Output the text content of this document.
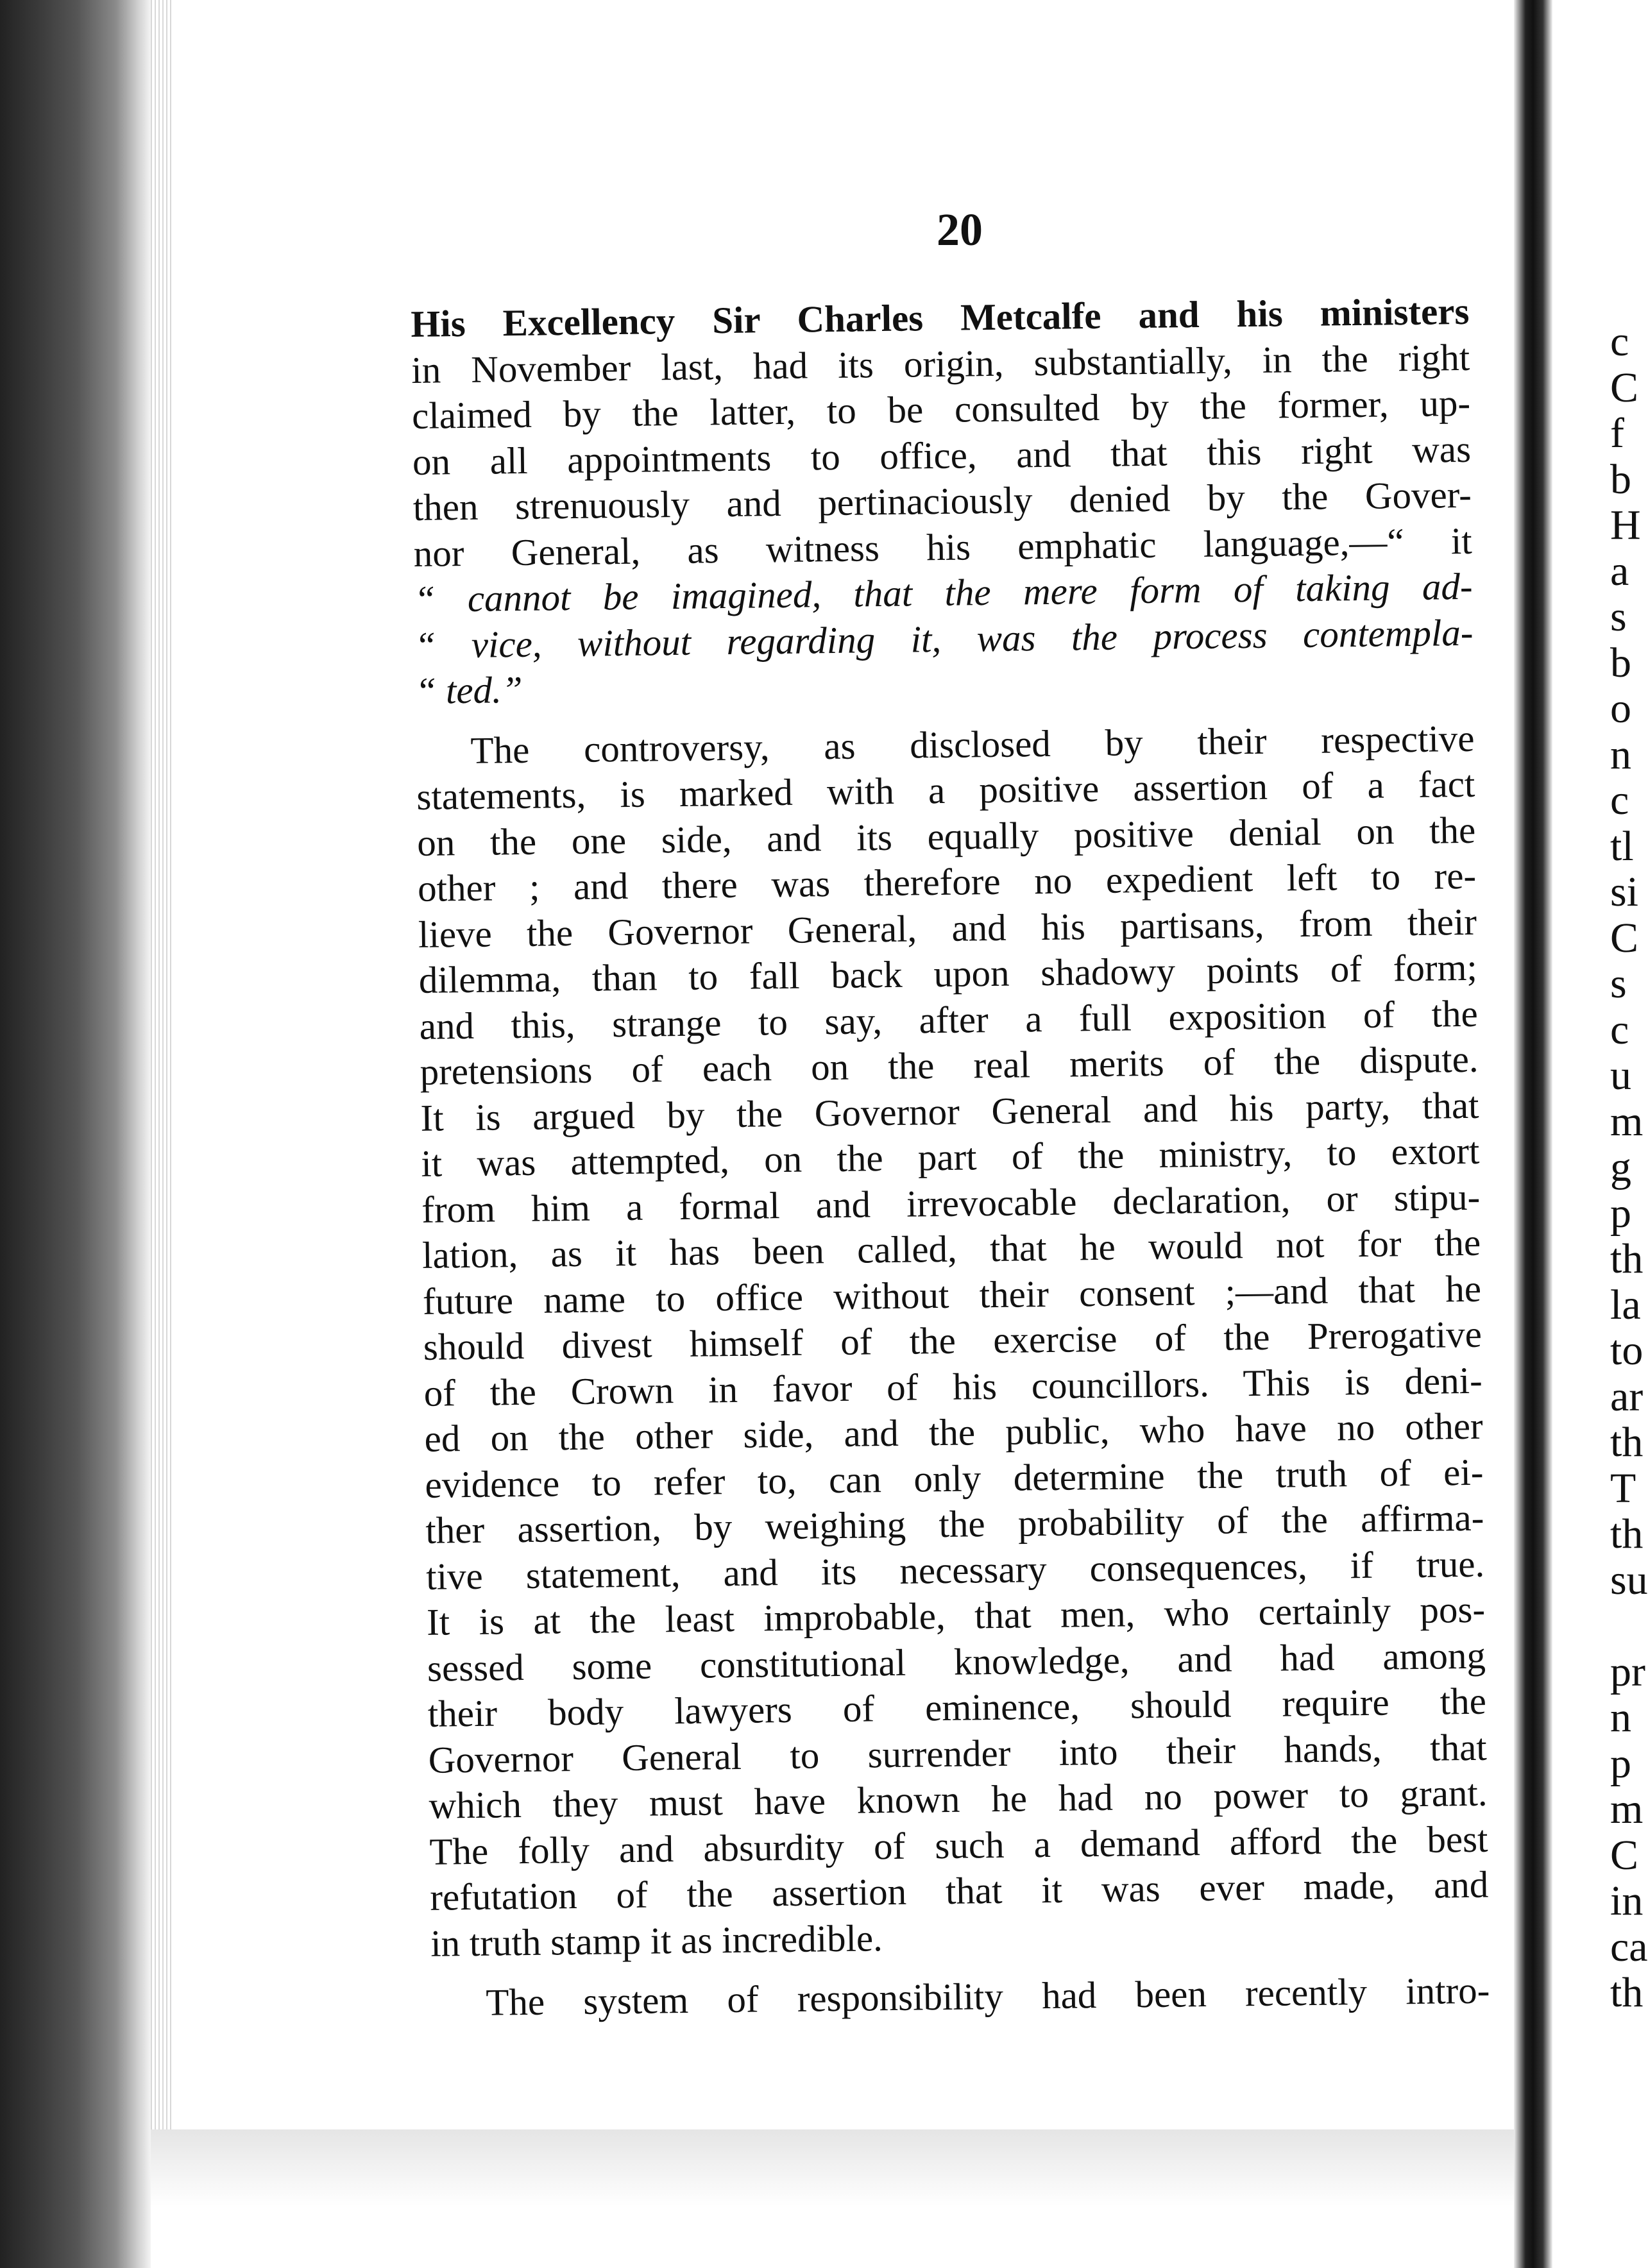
20
His Excellency Sir Charles Metcalfe and his ministers
in November last, had its origin, substantially, in the right
claimed by the latter, to be consulted by the former, up-
on all appointments to office, and that this right was
then strenuously and pertinaciously denied by the Gover-
nor General, as witness his emphatic language,—“ it
“ cannot be imagined, that the mere form of taking ad-
“ vice, without regarding it, was the process contempla-
“ ted.”
The controversy, as disclosed by their respective
statements, is marked with a positive assertion of a fact
on the one side, and its equally positive denial on the
other ; and there was therefore no expedient left to re-
lieve the Governor General, and his partisans, from their
dilemma, than to fall back upon shadowy points of form;
and this, strange to say, after a full exposition of the
pretensions of each on the real merits of the dispute.
It is argued by the Governor General and his party, that
it was attempted, on the part of the ministry, to extort
from him a formal and irrevocable declaration, or stipu-
lation, as it has been called, that he would not for the
future name to office without their consent ;—and that he
should divest himself of the exercise of the Prerogative
of the Crown in favor of his councillors. This is deni-
ed on the other side, and the public, who have no other
evidence to refer to, can only determine the truth of ei-
ther assertion, by weighing the probability of the affirma-
tive statement, and its necessary consequences, if true.
It is at the least improbable, that men, who certainly pos-
sessed some constitutional knowledge, and had among
their body lawyers of eminence, should require the
Governor General to surrender into their hands, that
which they must have known he had no power to grant.
The folly and absurdity of such a demand afford the best
refutation of the assertion that it was ever made, and
in truth stamp it as incredible.
The system of responsibility had been recently intro-
c
C
f
b
H
a
s
b
o
n
c
tl
si
C
s
c
u
m
g
p
th
la
to
ar
th
T
th
su
pr
n
p
m
C
in
ca
th
